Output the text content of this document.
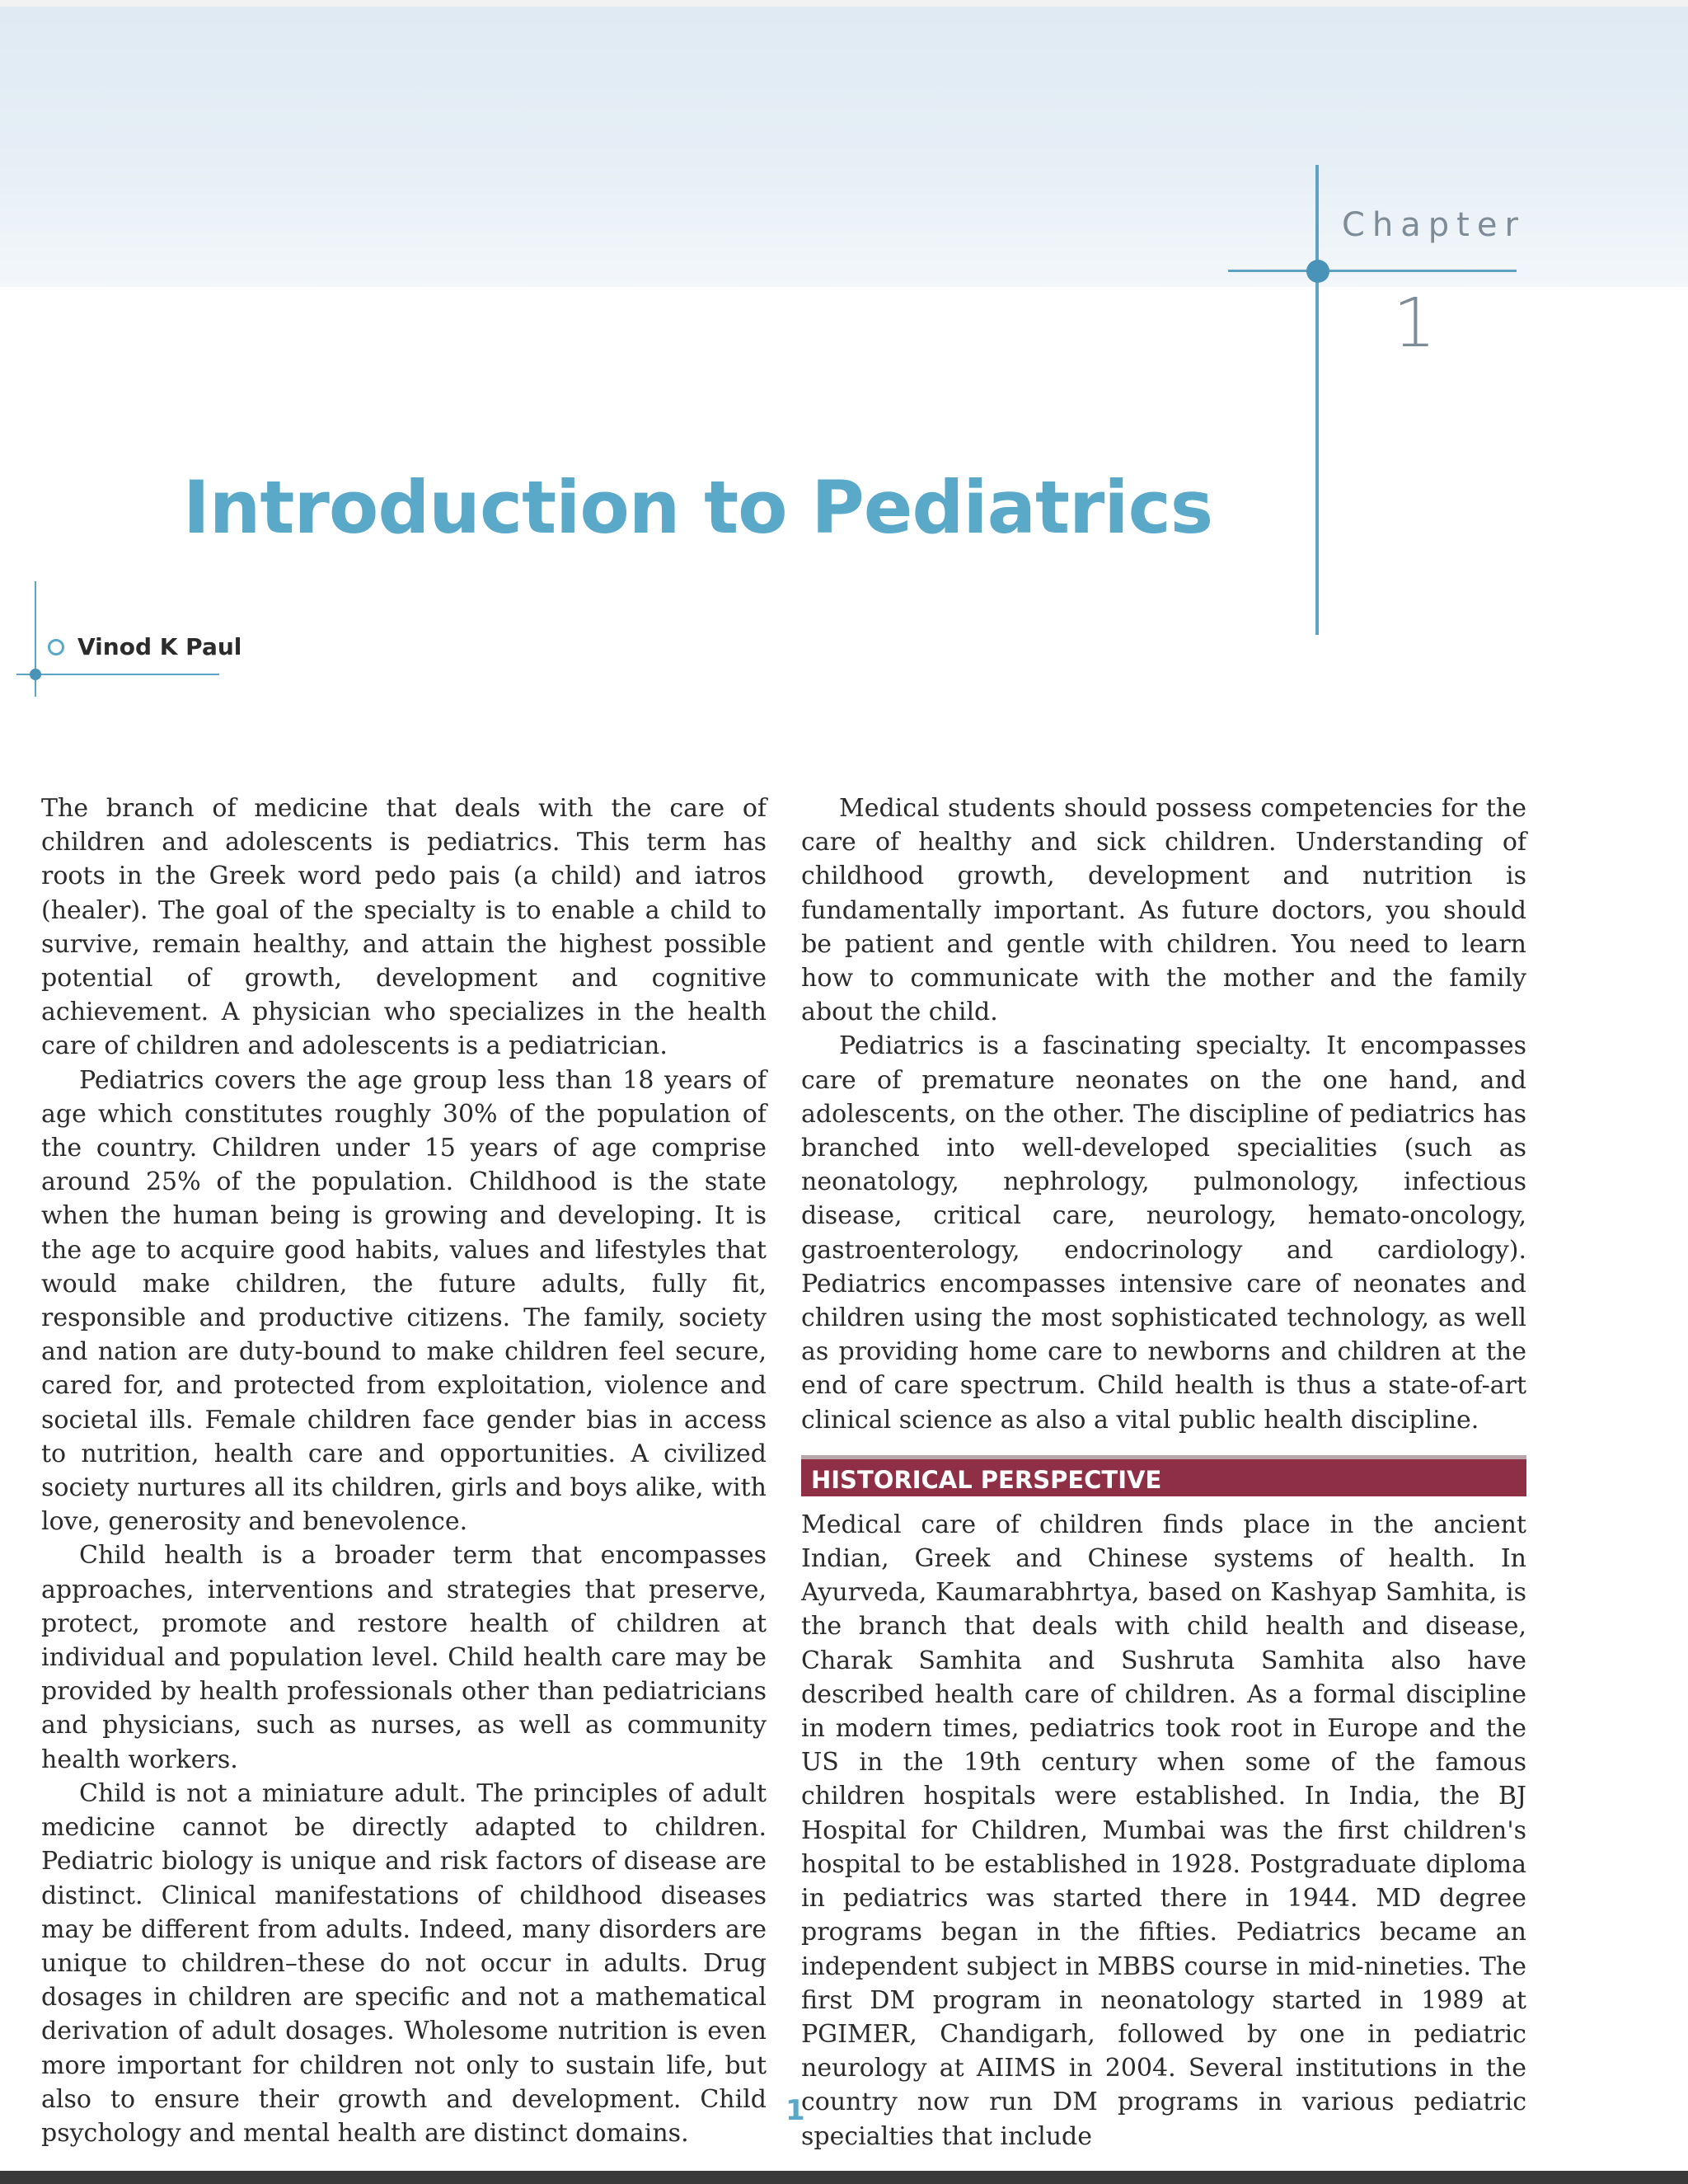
Chapter
1
Introduction to Pediatrics
Vinod K Paul

The branch of medicine that deals with the care of children and adolescents is pediatrics. This term has roots in the Greek word pedo pais (a child) and iatros (healer). The goal of the specialty is to enable a child to survive, remain healthy, and attain the highest possible potential of growth, development and cognitive achievement. A physician who specializes in the health care of children and adolescents is a pediatrician.

Pediatrics covers the age group less than 18 years of age which constitutes roughly 30% of the population of the country. Children under 15 years of age comprise around 25% of the population. Childhood is the state when the human being is growing and developing. It is the age to acquire good habits, values and lifestyles that would make children, the future adults, fully fit, responsible and productive citizens. The family, society and nation are duty-bound to make children feel secure, cared for, and protected from exploitation, violence and societal ills. Female children face gender bias in access to nutrition, health care and opportunities. A civilized society nurtures all its children, girls and boys alike, with love, generosity and benevolence.

Child health is a broader term that encompasses approaches, interventions and strategies that preserve, protect, promote and restore health of children at individual and population level. Child health care may be provided by health professionals other than pediatricians and physicians, such as nurses, as well as community health workers.

Child is not a miniature adult. The principles of adult medicine cannot be directly adapted to children. Pediatric biology is unique and risk factors of disease are distinct. Clinical manifestations of childhood diseases may be different from adults. Indeed, many disorders are unique to children–these do not occur in adults. Drug dosages in children are specific and not a mathematical derivation of adult dosages. Wholesome nutrition is even more important for children not only to sustain life, but also to ensure their growth and development. Child psychology and mental health are distinct domains.

Medical students should possess competencies for the care of healthy and sick children. Understanding of childhood growth, development and nutrition is fundamentally important. As future doctors, you should be patient and gentle with children. You need to learn how to communicate with the mother and the family about the child.

Pediatrics is a fascinating specialty. It encompasses care of premature neonates on the one hand, and adolescents, on the other. The discipline of pediatrics has branched into well-developed specialities (such as neonatology, nephrology, pulmonology, infectious disease, critical care, neurology, hemato-oncology, gastroenterology, endocrinology and cardiology). Pediatrics encompasses intensive care of neonates and children using the most sophisticated technology, as well as providing home care to newborns and children at the end of care spectrum. Child health is thus a state-of-art clinical science as also a vital public health discipline.

HISTORICAL PERSPECTIVE

Medical care of children finds place in the ancient Indian, Greek and Chinese systems of health. In Ayurveda, Kaumarabhrtya, based on Kashyap Samhita, is the branch that deals with child health and disease, Charak Samhita and Sushruta Samhita also have described health care of children. As a formal discipline in modern times, pediatrics took root in Europe and the US in the 19th century when some of the famous children hospitals were established. In India, the BJ Hospital for Children, Mumbai was the first children's hospital to be established in 1928. Postgraduate diploma in pediatrics was started there in 1944. MD degree programs began in the fifties. Pediatrics became an independent subject in MBBS course in mid-nineties. The first DM program in neonatology started in 1989 at PGIMER, Chandigarh, followed by one in pediatric neurology at AIIMS in 2004. Several institutions in the country now run DM programs in various pediatric specialties that include

1
